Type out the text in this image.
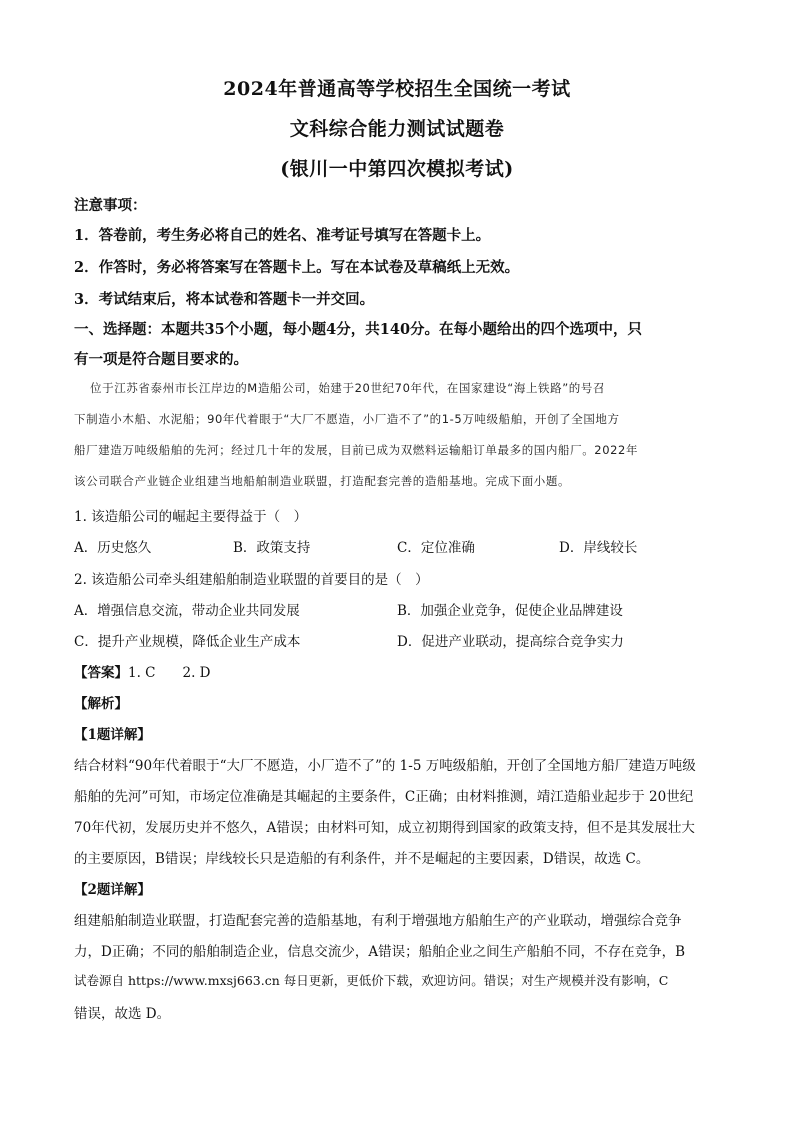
2024年普通高等学校招生全国统一考试
文科综合能力测试试题卷
(银川一中第四次模拟考试)
注意事项：
1．答卷前，考生务必将自己的姓名、准考证号填写在答题卡上。
2．作答时，务必将答案写在答题卡上。写在本试卷及草稿纸上无效。
3．考试结束后，将本试卷和答题卡一并交回。
一、选择题：本题共35个小题，每小题4分，共140分。在每小题给出的四个选项中，只
有一项是符合题目要求的。
位于江苏省泰州市长江岸边的M造船公司，始建于20世纪70年代，在国家建设“海上铁路”的号召
下制造小木船、水泥船；90年代着眼于“大厂不愿造，小厂造不了”的1-5万吨级船舶，开创了全国地方
船厂建造万吨级船舶的先河；经过几十年的发展，目前已成为双燃料运输船订单最多的国内船厂。2022年
该公司联合产业链企业组建当地船舶制造业联盟，打造配套完善的造船基地。完成下面小题。
1. 该造船公司的崛起主要得益于（　）
A．历史悠久	B．政策支持	C．定位准确	D．岸线较长
2. 该造船公司牵头组建船舶制造业联盟的首要目的是（　）
A．增强信息交流，带动企业共同发展	B．加强企业竞争，促使企业品牌建设
C．提升产业规模，降低企业生产成本	D．促进产业联动，提高综合竞争实力
【答案】1. C　　2. D
【解析】
【1题详解】
结合材料“90年代着眼于“大厂不愿造，小厂造不了”的 1-5 万吨级船舶，开创了全国地方船厂建造万吨级
船舶的先河”可知，市场定位准确是其崛起的主要条件，C正确；由材料推测，靖江造船业起步于 20世纪
70年代初，发展历史并不悠久，A错误；由材料可知，成立初期得到国家的政策支持，但不是其发展壮大
的主要原因，B错误；岸线较长只是造船的有利条件，并不是崛起的主要因素，D错误，故选 C。
【2题详解】
组建船舶制造业联盟，打造配套完善的造船基地，有利于增强地方船舶生产的产业联动，增强综合竞争
力，D正确；不同的船舶制造企业，信息交流少，A错误；船舶企业之间生产船舶不同，不存在竞争，B
试卷源自 https://www.mxsj663.cn 每日更新，更低价下载，欢迎访问。错误；对生产规模并没有影响，C
错误，故选 D。
